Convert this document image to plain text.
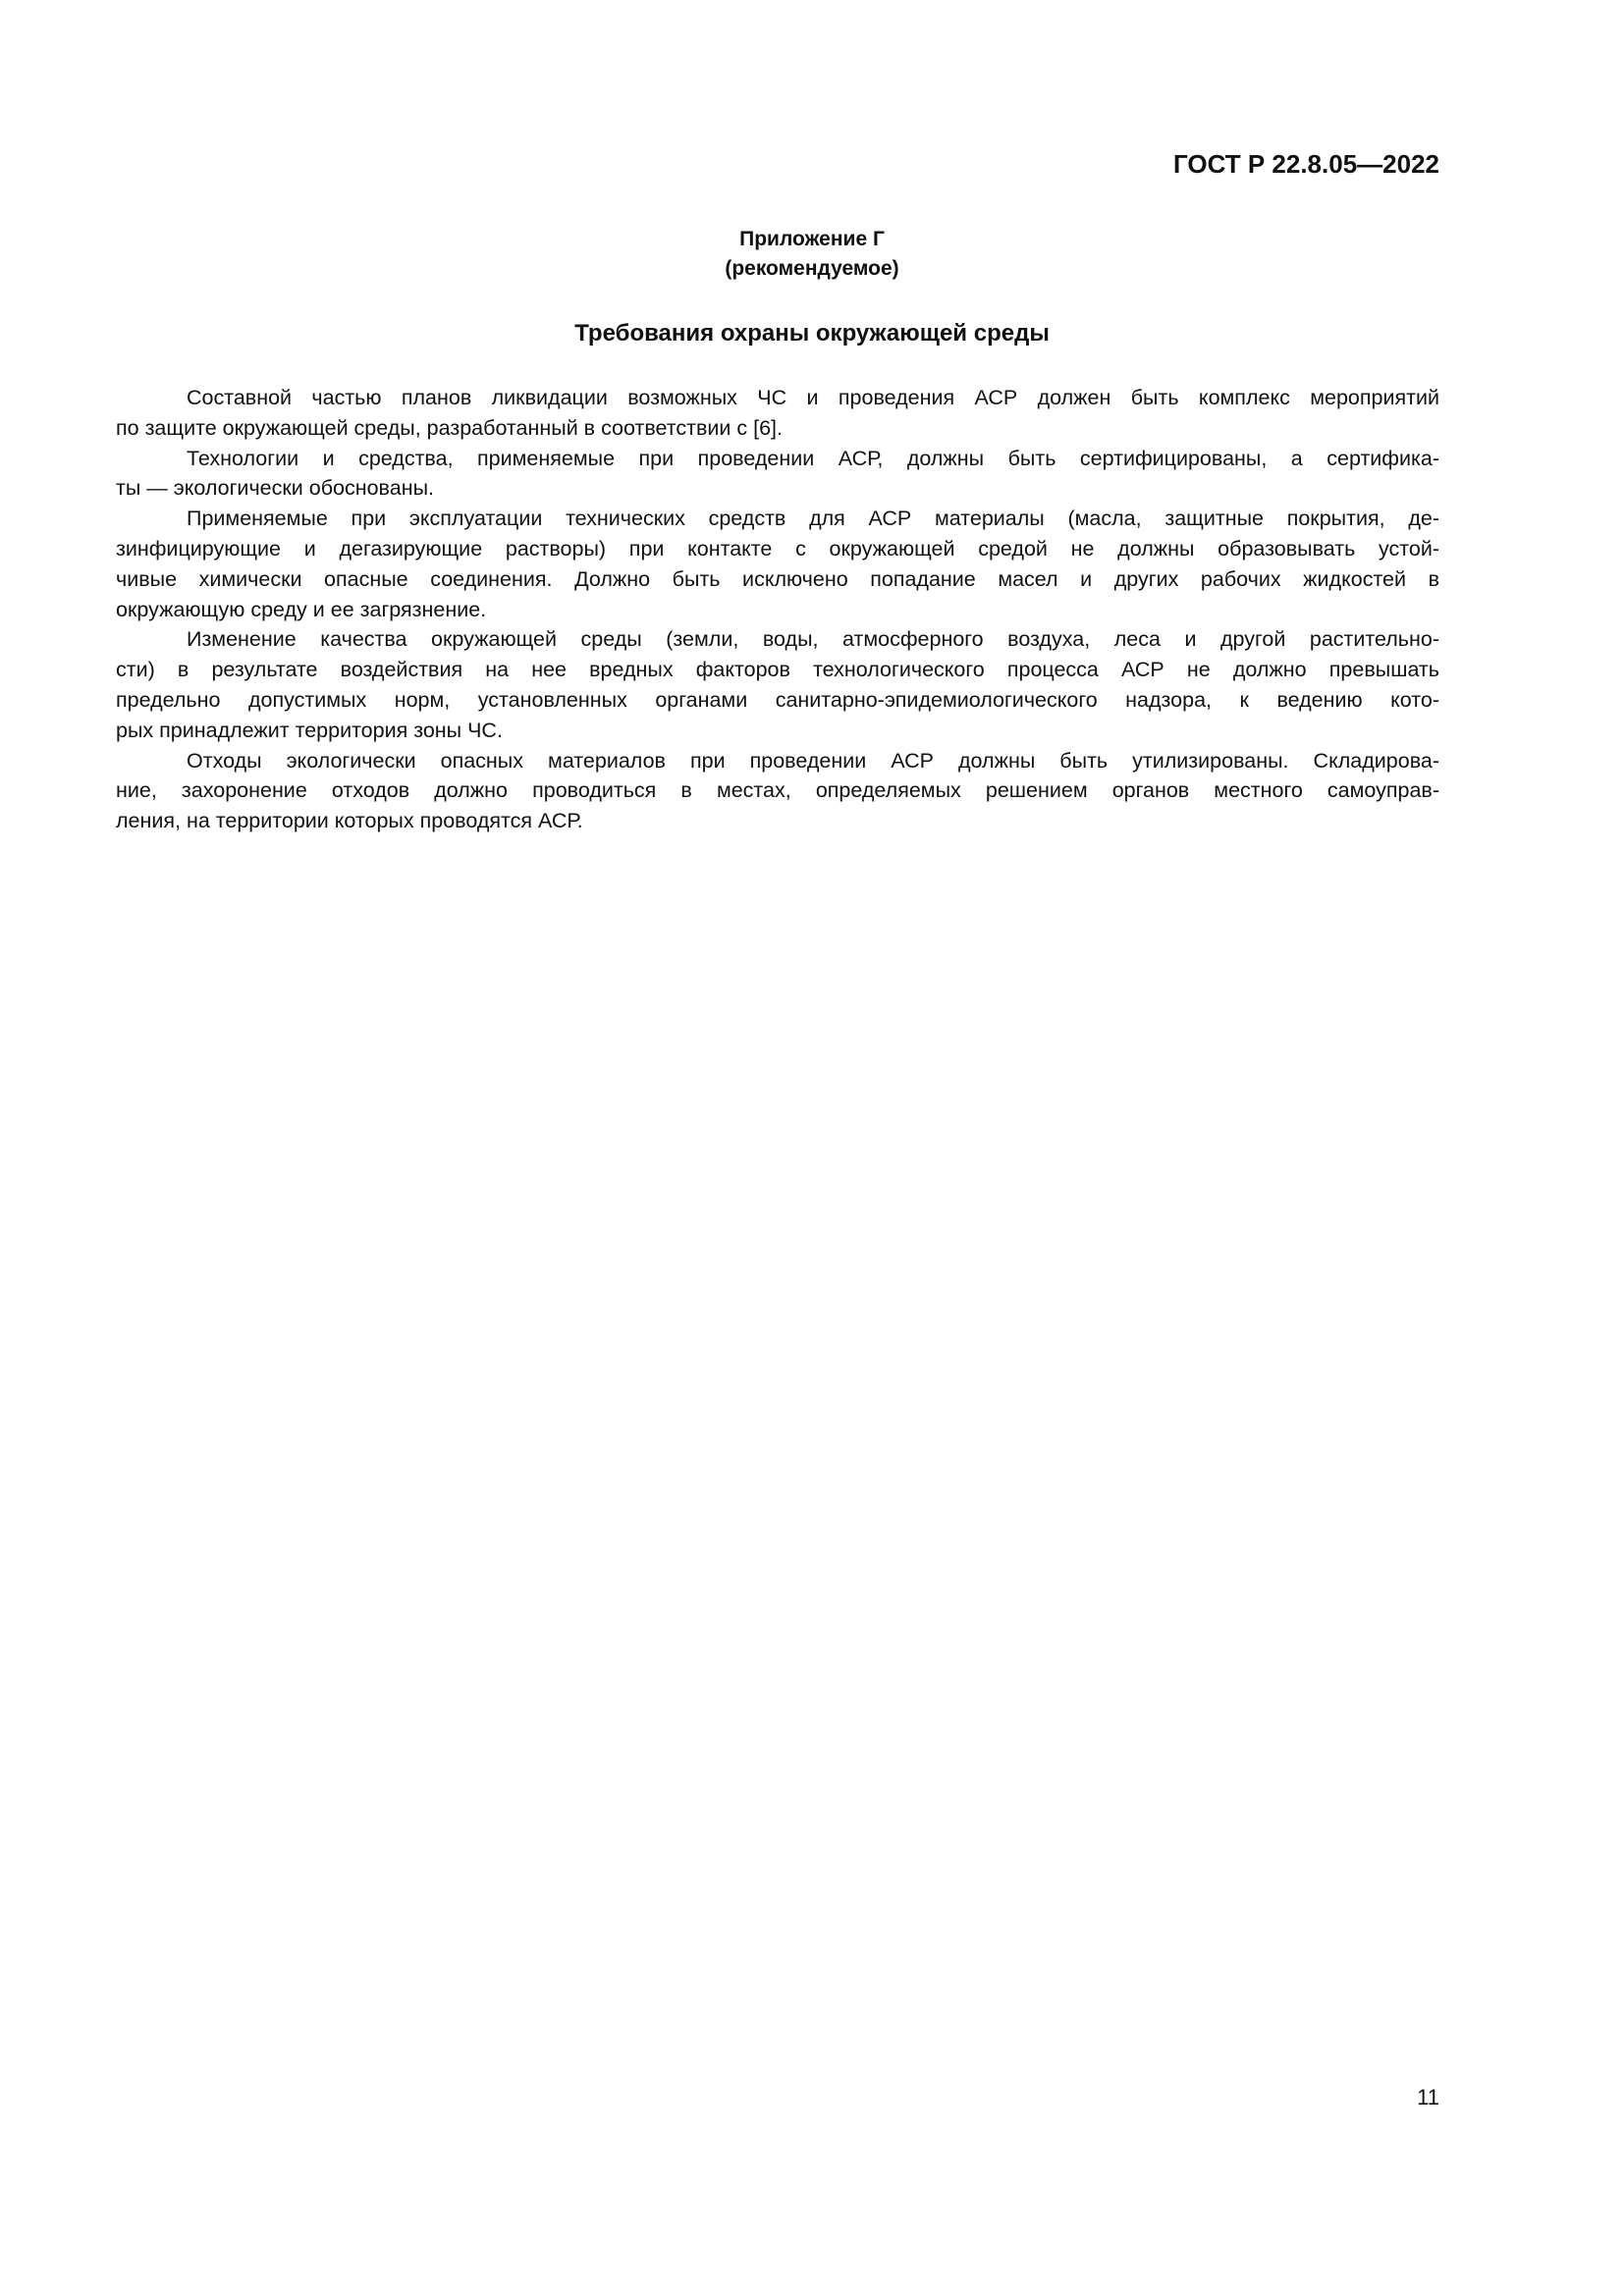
ГОСТ Р 22.8.05—2022
Приложение Г
(рекомендуемое)
Требования охраны окружающей среды
Составной частью планов ликвидации возможных ЧС и проведения АСР должен быть комплекс мероприятий
по защите окружающей среды, разработанный в соответствии с [6].
Технологии и средства, применяемые при проведении АСР, должны быть сертифицированы, а сертифика-
ты — экологически обоснованы.
Применяемые при эксплуатации технических средств для АСР материалы (масла, защитные покрытия, де-
зинфицирующие и дегазирующие растворы) при контакте с окружающей средой не должны образовывать устой-
чивые химически опасные соединения. Должно быть исключено попадание масел и других рабочих жидкостей в
окружающую среду и ее загрязнение.
Изменение качества окружающей среды (земли, воды, атмосферного воздуха, леса и другой растительно-
сти) в результате воздействия на нее вредных факторов технологического процесса АСР не должно превышать
предельно допустимых норм, установленных органами санитарно-эпидемиологического надзора, к ведению кото-
рых принадлежит территория зоны ЧС.
Отходы экологически опасных материалов при проведении АСР должны быть утилизированы. Складирова-
ние, захоронение отходов должно проводиться в местах, определяемых решением органов местного самоуправ-
ления, на территории которых проводятся АСР.
11
